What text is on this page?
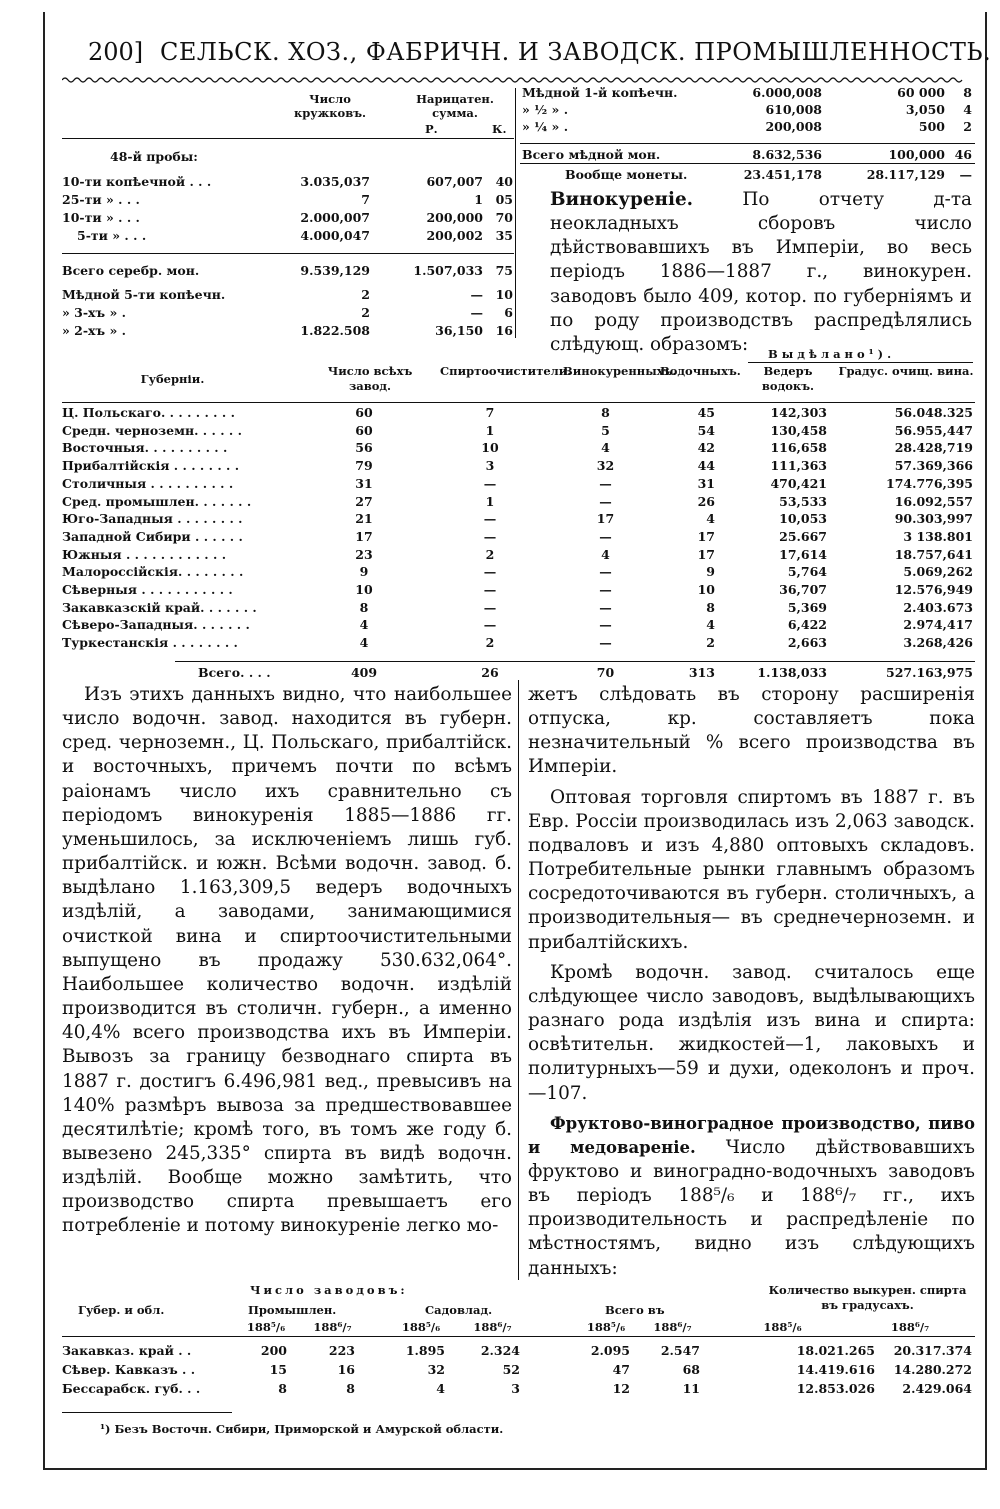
200] СЕЛЬСК. ХОЗ., ФАБРИЧН. И ЗАВОДСК. ПРОМЫШЛЕННОСТЬ.
Число кружковъ.
Нарицатен. сумма.
Р.	К.
48-й пробы:
10-ти копѣечной . . .	3.035,037	607,007	40
25-ти » . . .	7	1	05
10-ти » . . .	2.000,007	200,000	70
5-ти » . . .	4.000,047	200,002	35
Всего серебр. мон.	9.539,129	1.507,033	75
Мѣдной 5-ти копѣечн.	2	—	10
» 3-хъ » .	2	—	6
» 2-хъ » .	1.822.508	36,150	16
Мѣдной 1-й копѣечн.	6.000,008	60 000	8
» ½ » .	610,008	3,050	4
» ¼ » .	200,008	500	2
Всего мѣдной мон.	8.632,536	100,000 46
Вообще монеты.	23.451,178	28.117,129	—
Винокуреніе. По отчету д-та неокладныхъ сборовъ число дѣйствовавшихъ въ Имперіи, во весь періодъ 1886—1887 г., винокурен. заводовъ было 409, котор. по губерніямъ и по роду производствъ распредѣлялись слѣдующ. образомъ:	Выдѣлано¹).
Губерніи.
Число всѣхъ завод.
Спиртоочистители.
Винокуренныхъ.
Водочныхъ.	Ведеръ водокъ.
Градус. очищ. вина.
Ц. Польскаго. . . . . . . . .	60	7	8	45	142,303	56.048.325
Средн. черноземн. . . . . .	60	1	5	54	130,458	56.955,447
Восточныя. . . . . . . . . .	56	10	4	42	116,658	28.428,719
Прибалтійскія . . . . . . . .	79	3	32	44	111,363	57.369,366
Столичныя . . . . . . . . . .	31	—	—	31	470,421	174.776,395
Сред. промышлен. . . . . . .	27	1	—	26	53,533	16.092,557
Юго-Западныя . . . . . . . .	21	—	17	4	10,053	90.303,997
Западной Сибири . . . . . .	17	—	—	17	25.667	3 138.801
Южныя . . . . . . . . . . . .	23	2	4	17	17,614	18.757,641
Малороссійскія. . . . . . . .	9	—	—	9	5,764	5.069,262
Сѣверныя . . . . . . . . . . .	10	—	—	10	36,707	12.576,949
Закавказскій край. . . . . . .	8	—	—	8	5,369	2.403.673
Сѣверо-Западныя. . . . . . .	4	—	—	4	6,422	2.974,417
Туркестанскія . . . . . . . .	4	2	—	2	2,663	3.268,426
Всего. . . .	409	26	70	313	1.138,033	527.163,975

Изъ этихъ данныхъ видно, что наибольшее число водочн. завод. находится въ губерн. сред. черноземн., Ц. Польскаго, прибалтійск. и восточныхъ, причемъ почти по всѣмъ раіонамъ число ихъ сравнительно съ періодомъ винокуренія 1885—1886 гг. уменьшилось, за исключеніемъ лишь губ. прибалтійск. и южн. Всѣми водочн. завод. б. выдѣлано 1.163,309,5 ведеръ водочныхъ издѣлій, а заводами, занимающимися очисткой вина и спиртоочистительными выпущено въ продажу 530.632,064°. Наибольшее количество водочн. издѣлій производится въ столичн. губерн., а именно 40,4% всего производства ихъ въ Имперіи. Вывозъ за границу безводнаго спирта въ 1887 г. достигъ 6.496,981 вед., превысивъ на 140% размѣръ вывоза за предшествовавшее десятилѣтіе; кромѣ того, въ томъ же году б. вывезено 245,335° спирта въ видѣ водочн. издѣлій. Вообще можно замѣтить, что производство спирта превышаетъ его потребленіе и потому винокуреніе легко мо-

жетъ слѣдовать въ сторону расширенія отпуска, кр. составляетъ пока незначительный % всего производства въ Имперіи.

Оптовая торговля спиртомъ въ 1887 г. въ Евр. Россіи производилась изъ 2,063 заводск. подваловъ и изъ 4,880 оптовыхъ складовъ. Потребительные рынки главнымъ образомъ сосредоточиваются въ губерн. столичныхъ, а производительныя— въ среднечерноземн. и прибалтійскихъ.

Кромѣ водочн. завод. считалось еще слѣдующее число заводовъ, выдѣлывающихъ разнаго рода издѣлія изъ вина и спирта: освѣтительн. жидкостей—1, лаковыхъ и политурныхъ—59 и духи, одеколонъ и проч.—107.

Фруктово-виноградное производство, пиво и медовареніе. Число дѣйствовавшихъ фруктово и виноградно-водочныхъ заводовъ въ періодъ 188⁵/₆ и 188⁶/₇ гг., ихъ производительность и распредѣленіе по мѣстностямъ, видно изъ слѣдующихъ данныхъ:

Число заводовъ:	Количество выкурен. спирта въ градусахъ.
Губер. и обл.	Промышлен.	Садовлад.	Всего въ
188⁵/₆ 188⁶/₇	188⁵/₆	188⁶/₇	188⁵/₆ 188⁶/₇	188⁵/₆	188⁶/₇
Закавказ. край . .	200	223	1.895	2.324	2.095	2.547	18.021.265	20.317.374
Сѣвер. Кавказъ . .	15	16	32	52	47	68	14.419.616	14.280.272
Бессарабск. губ. . .	8	8	4	3	12	11	12.853.026	2.429.064
¹) Безъ Восточн. Сибири, Приморской и Амурской области.
